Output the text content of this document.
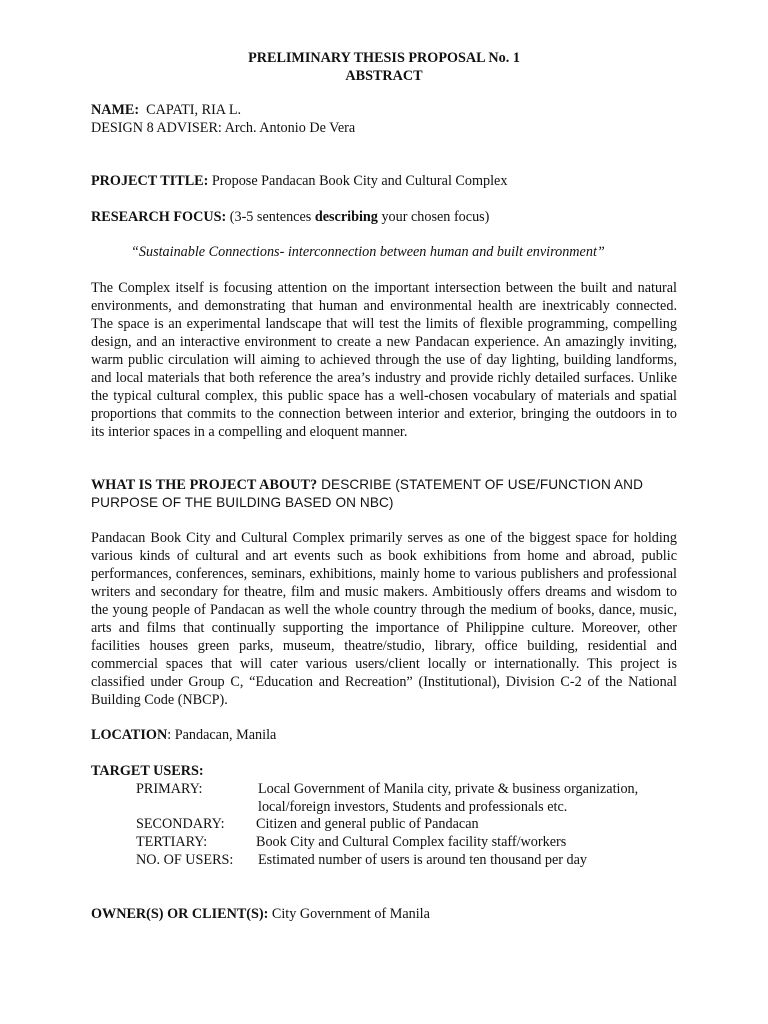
PRELIMINARY THESIS PROPOSAL No. 1
ABSTRACT
NAME: CAPATI, RIA L.
DESIGN 8 ADVISER: Arch. Antonio De Vera
PROJECT TITLE: Propose Pandacan Book City and Cultural Complex
RESEARCH FOCUS: (3-5 sentences describing your chosen focus)
“Sustainable Connections- interconnection between human and built environment”
The Complex itself is focusing attention on the important intersection between the built and natural environments, and demonstrating that human and environmental health are inextricably connected. The space is an experimental landscape that will test the limits of flexible programming, compelling design, and an interactive environment to create a new Pandacan experience. An amazingly inviting, warm public circulation will aiming to achieved through the use of day lighting, building landforms, and local materials that both reference the area’s industry and provide richly detailed surfaces. Unlike the typical cultural complex, this public space has a well-chosen vocabulary of materials and spatial proportions that commits to the connection between interior and exterior, bringing the outdoors in to its interior spaces in a compelling and eloquent manner.
WHAT IS THE PROJECT ABOUT? DESCRIBE (STATEMENT OF USE/FUNCTION AND PURPOSE OF THE BUILDING BASED ON NBC)
Pandacan Book City and Cultural Complex primarily serves as one of the biggest space for holding various kinds of cultural and art events such as book exhibitions from home and abroad, public performances, conferences, seminars, exhibitions, mainly home to various publishers and professional writers and secondary for theatre, film and music makers. Ambitiously offers dreams and wisdom to the young people of Pandacan as well the whole country through the medium of books, dance, music, arts and films that continually supporting the importance of Philippine culture. Moreover, other facilities houses green parks, museum, theatre/studio, library, office building, residential and commercial spaces that will cater various users/client locally or internationally. This project is classified under Group C, “Education and Recreation” (Institutional), Division C-2 of the National Building Code (NBCP).
LOCATION: Pandacan, Manila
TARGET USERS:
PRIMARY:	Local Government of Manila city, private & business organization,
local/foreign investors, Students and professionals etc.
SECONDARY: Citizen and general public of Pandacan
TERTIARY:	Book City and Cultural Complex facility staff/workers
NO. OF USERS: Estimated number of users is around ten thousand per day
OWNER(S) OR CLIENT(S): City Government of Manila
